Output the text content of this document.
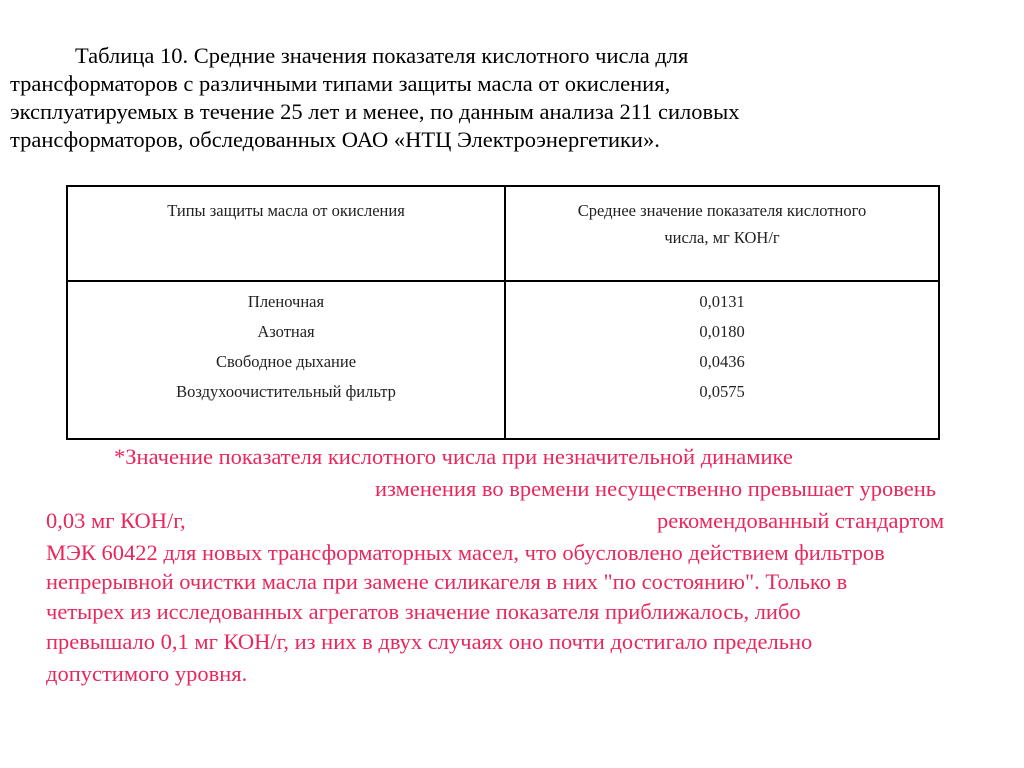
Таблица 10. Средние значения показателя кислотного числа для
трансформаторов с различными типами защиты масла от окисления,
эксплуатируемых в течение 25 лет и менее, по данным анализа 211 силовых
трансформаторов, обследованных ОАО «НТЦ Электроэнергетики».
Типы защиты масла от окисления	Среднее значение показателя кислотного
числа, мг КОН/г
Пленочная
Азотная
Свободное дыхание
Воздухоочистительный фильтр
0,0131
0,0180
0,0436
0,0575
*Значение показателя кислотного числа при незначительной динамике
изменения во времени несущественно превышает уровень
0,03 мг КОН/г,	рекомендованный стандартом
МЭК 60422 для новых трансформаторных масел, что обусловлено действием фильтров
непрерывной очистки масла при замене силикагеля в них "по состоянию". Только в
четырех из исследованных агрегатов значение показателя приближалось, либо
превышало 0,1 мг КОН/г, из них в двух случаях оно почти достигало предельно
допустимого уровня.
